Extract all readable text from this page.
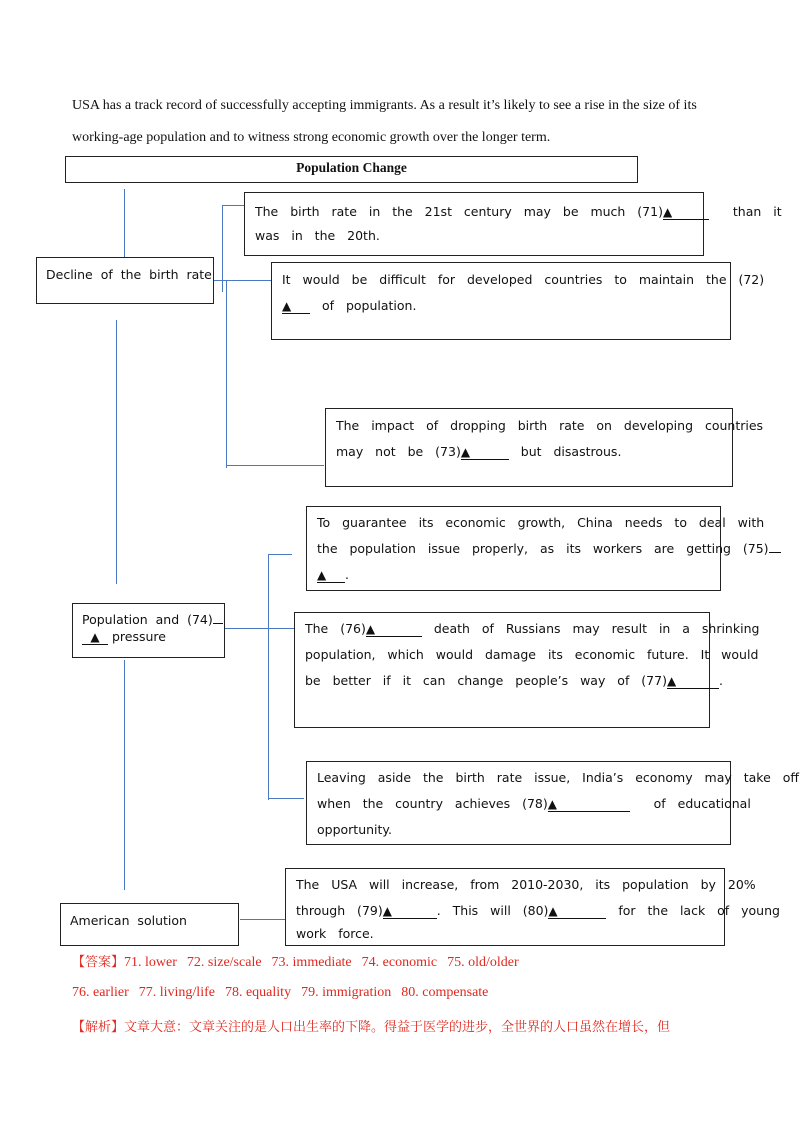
USA has a track record of successfully accepting immigrants. As a result it’s likely to see a rise in the size of its
working-age population and to witness strong economic growth over the longer term.
Population Change
Decline  of  the  birth  rate
Population  and  (74)
▲ pressure
American  solution
The  birth  rate  in  the  21st  century  may  be  much  (71) ▲	than  it
was  in  the  20th.
It  would  be  difficult  for  developed  countries  to  maintain  the  (72)
▲  of  population.
The  impact  of  dropping  birth  rate  on  developing  countries
may  not  be  (73) ▲	but  disastrous.
To  guarantee  its  economic  growth,  China  needs  to  deal  with
the  population  issue  properly,  as  its  workers  are  getting  (75)
▲.
The  (76) ▲	death  of  Russians  may  result  in  a  shrinking
population,  which  would  damage  its  economic  future.  It  would
be  better  if  it  can  change  people’s  way  of  (77) ▲	.
Leaving  aside  the  birth  rate  issue,  India’s  economy  may  take  off
when  the  country  achieves  (78) ▲	of  educational
opportunity.
The  USA  will  increase,  from  2010-2030,  its  population  by  20%
through  (79) ▲	.  This  will  (80) ▲	for  the  lack  of  young
work  force.
【答案】71. lower 72. size/scale 73. immediate 74. economic 75. old/older
76. earlier 77. living/life 78. equality 79. immigration 80. compensate
【解析】文章大意：文章关注的是人口出生率的下降。得益于医学的进步，全世界的人口虽然在增长，但
